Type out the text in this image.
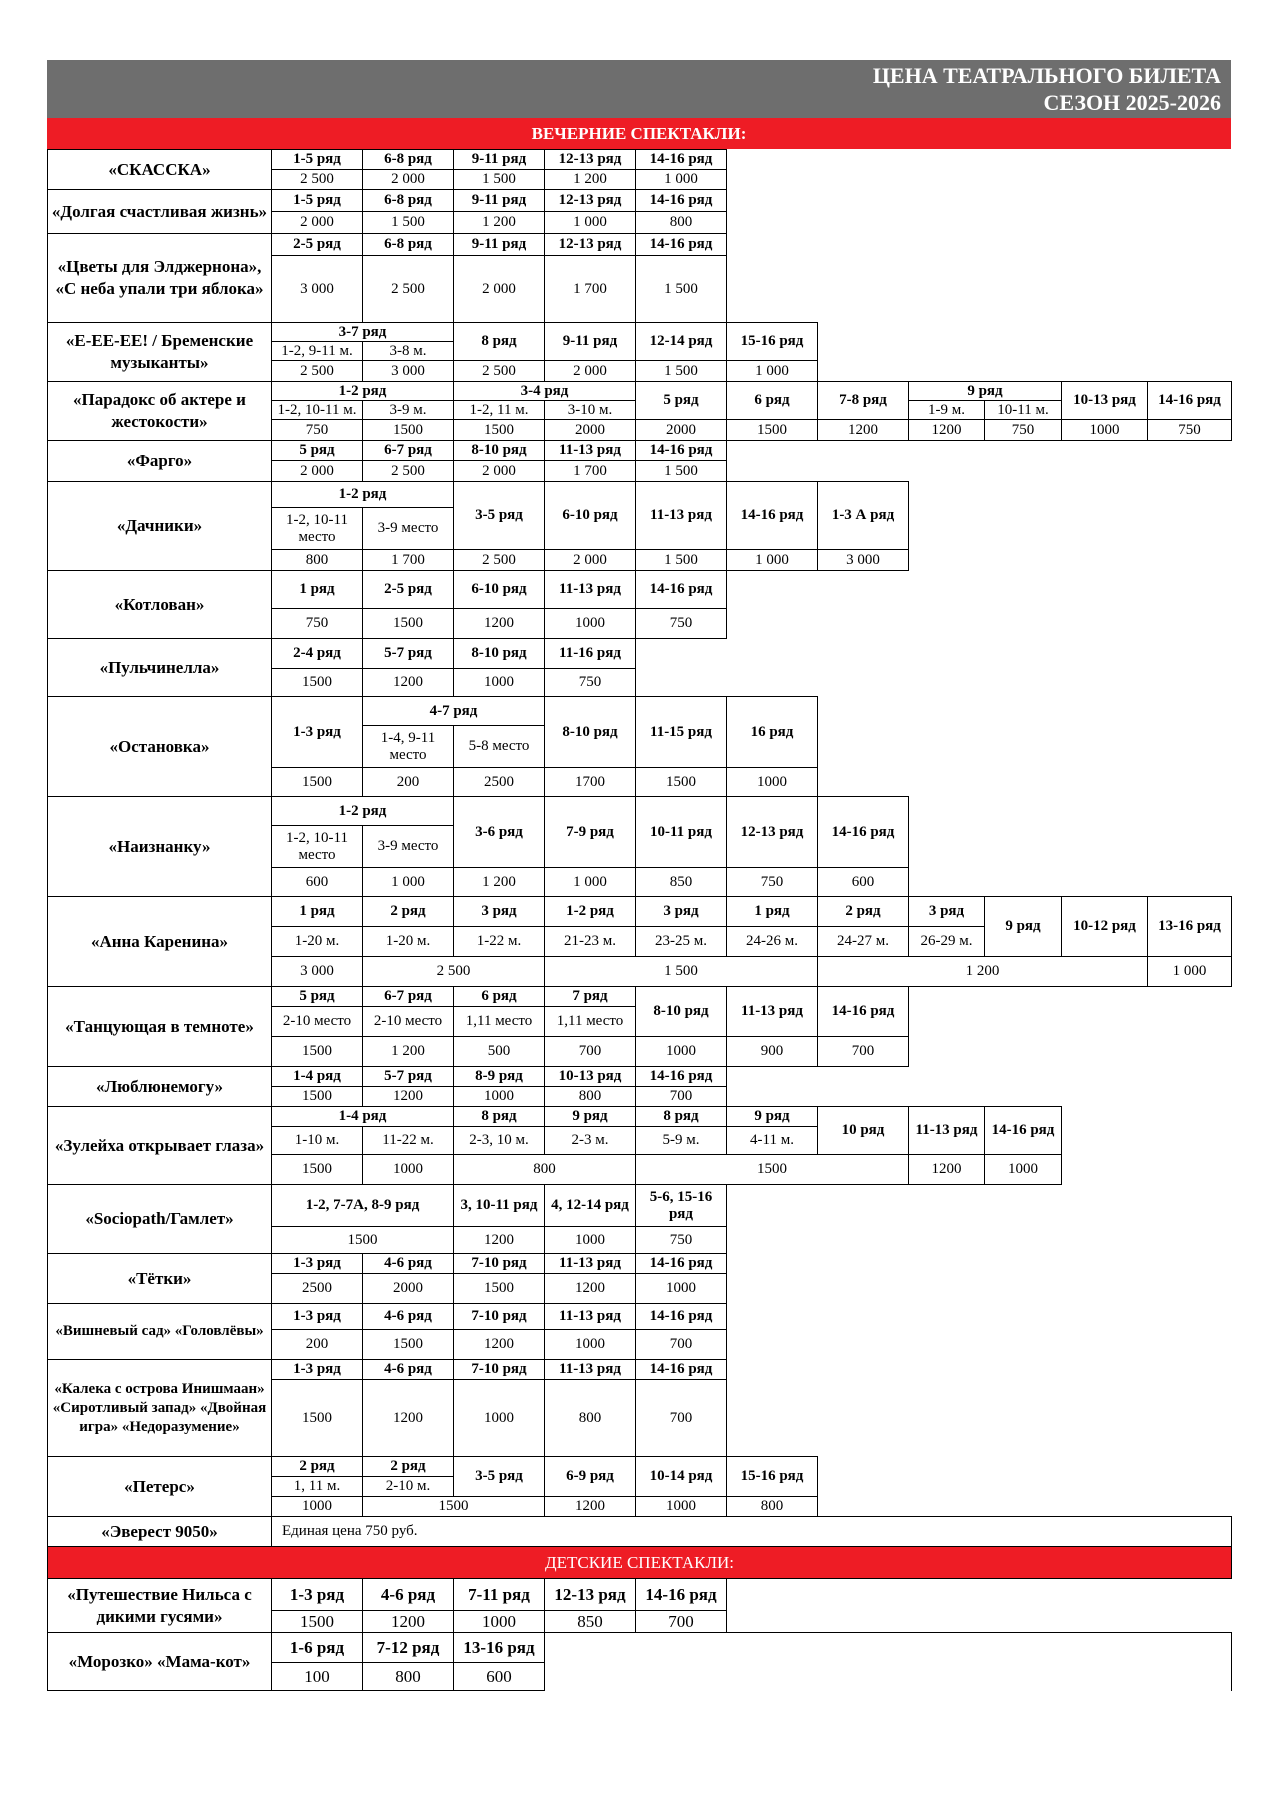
ЦЕНА ТЕАТРАЛЬНОГО БИЛЕТА
СЕЗОН 2025-2026
ВЕЧЕРНИЕ СПЕКТАКЛИ:
«СКАССКА»	1-5 ряд	6-8 ряд	9-11 ряд	12-13 ряд	14-16 ряд							
	2 500	2 000	1 500	1 200	1 000							
«Долгая счастливая жизнь»	1-5 ряд	6-8 ряд	9-11 ряд	12-13 ряд	14-16 ряд							
	2 000	1 500	1 200	1 000	800							
«Цветы для Элджернона», «С неба упали три яблока»	2-5 ряд	6-8 ряд	9-11 ряд	12-13 ряд	14-16 ряд							
	3 000	2 500	2 000	1 700	1 500							
«Е-ЕЕ-ЕЕ! / Бременские музыканты»	3-7 ряд		8 ряд	9-11 ряд	12-14 ряд	15-16 ряд						
	1-2, 9-11 м.	3-8 м.										
	2 500	3 000	2 500	2 000	1 500	1 000						
«Парадокс об актере и жестокости»	1-2 ряд		3-4 ряд		5 ряд	6 ряд	7-8 ряд	9 ряд		10-13 ряд	14-16 ряд	
	1-2, 10-11 м.	3-9 м.	1-2, 11 м.	3-10 м.				1-9 м.	10-11 м.			
	750	1500	1500	2000	2000	1500	1200	1200	750	1000	750	
«Фарго»	5 ряд	6-7 ряд	8-10 ряд	11-13 ряд	14-16 ряд							
	2 000	2 500	2 000	1 700	1 500							
«Дачники»	1-2 ряд		3-5 ряд	6-10 ряд	11-13 ряд	14-16 ряд	1-3 А ряд					
	1-2, 10-11 место	3-9 место										
	800	1 700	2 500	2 000	1 500	1 000	3 000					
«Котлован»	1 ряд	2-5 ряд	6-10 ряд	11-13 ряд	14-16 ряд							
	750	1500	1200	1000	750							
«Пульчинелла»	2-4 ряд	5-7 ряд	8-10 ряд	11-16 ряд								
	1500	1200	1000	750								
«Остановка»	1-3 ряд	4-7 ряд		8-10 ряд	11-15 ряд	16 ряд						
		1-4, 9-11 место	5-8 место									
	1500	200	2500	1700	1500	1000						
«Наизнанку»	1-2 ряд		3-6 ряд	7-9 ряд	10-11 ряд	12-13 ряд	14-16 ряд					
	1-2, 10-11 место	3-9 место										
	600	1 000	1 200	1 000	850	750	600					
«Анна Каренина»	1 ряд	2 ряд	3 ряд	1-2 ряд	3 ряд	1 ряд	2 ряд	3 ряд	9 ряд	10-12 ряд	13-16 ряд	
	1-20 м.	1-20 м.	1-22 м.	21-23 м.	23-25 м.	24-26 м.	24-27 м.	26-29 м.				
	3 000	2 500		1 500			1 200				1 000	
«Танцующая в темноте»	5 ряд	6-7 ряд	6 ряд	7 ряд	8-10 ряд	11-13 ряд	14-16 ряд					
	2-10 место	2-10 место	1,11 место	1,11 место								
	1500	1 200	500	700	1000	900	700					
«Люблюнемогу»	1-4 ряд	5-7 ряд	8-9 ряд	10-13 ряд	14-16 ряд							
	1500	1200	1000	800	700							
«Зулейха открывает глаза»	1-4 ряд		8 ряд	9 ряд	8 ряд	9 ряд	10 ряд	11-13 ряд	14-16 ряд			
	1-10 м.	11-22 м.	2-3, 10 м.	2-3 м.	5-9 м.	4-11 м.						
	1500	1000	800		1500			1200	1000			
«Sociopath/Гамлет»	1-2, 7-7А, 8-9 ряд		3, 10-11 ряд	4, 12-14 ряд	5-6, 15-16 ряд							
	1500		1200	1000	750							
«Тётки»	1-3 ряд	4-6 ряд	7-10 ряд	11-13 ряд	14-16 ряд							
	2500	2000	1500	1200	1000							
«Вишневый сад» «Головлёвы»	1-3 ряд	4-6 ряд	7-10 ряд	11-13 ряд	14-16 ряд							
	200	1500	1200	1000	700							
«Калека с острова Инишмаан» «Сиротливый запад» «Двойная игра» «Недоразумение»	1-3 ряд	4-6 ряд	7-10 ряд	11-13 ряд	14-16 ряд							
	1500	1200	1000	800	700							
«Петерс»	2 ряд	2 ряд	3-5 ряд	6-9 ряд	10-14 ряд	15-16 ряд						
	1, 11 м.	2-10 м.										
	1000	1500		1200	1000	800						
«Эверест 9050»	Единая цена 750 руб.											
ДЕТСКИЕ СПЕКТАКЛИ:												
«Путешествие Нильса с дикими гусями»	1-3 ряд	4-6 ряд	7-11 ряд	12-13 ряд	14-16 ряд							
	1500	1200	1000	850	700							
«Морозко» «Мама-кот»	1-6 ряд	7-12 ряд	13-16 ряд									
	100	800	600									
